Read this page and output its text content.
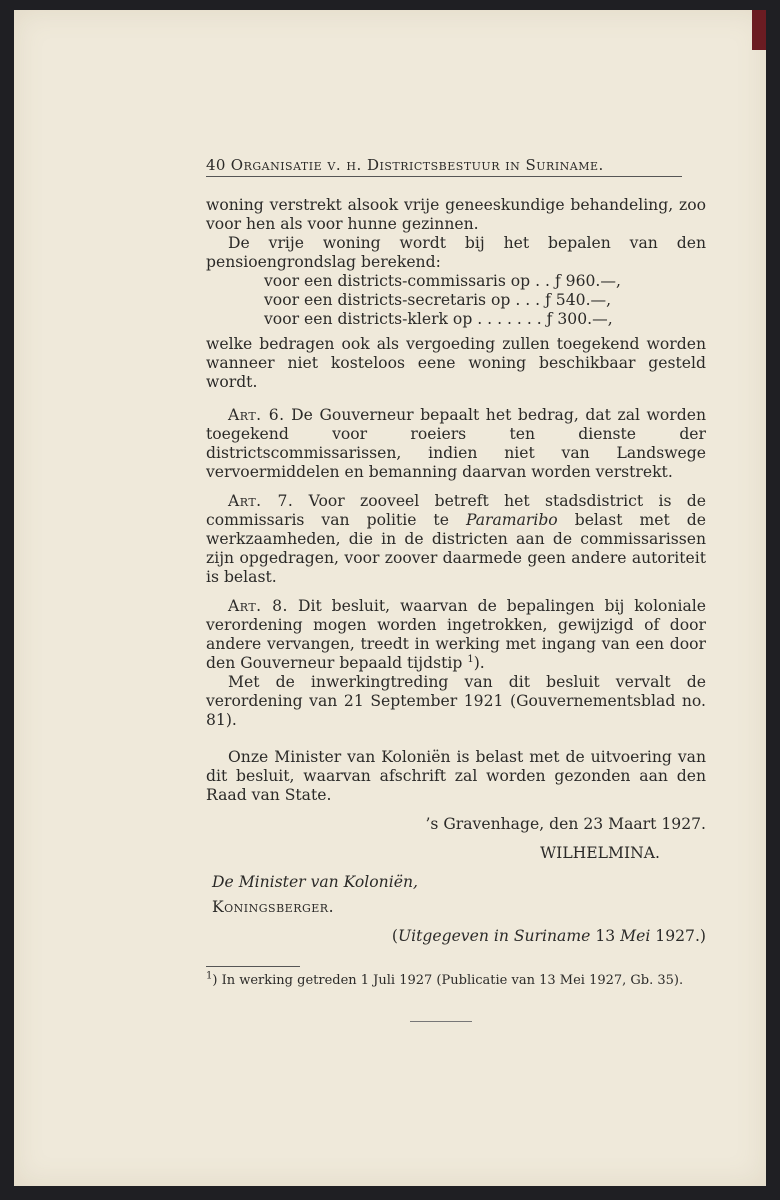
40 Organisatie v. h. Districtsbestuur in Suriname.

woning verstrekt alsook vrije geneeskundige behandeling, zoo voor hen als voor hunne gezinnen.

De vrije woning wordt bij het bepalen van den pensioengrondslag berekend:

voor een districts-commissaris op . . ƒ 960.—,
voor een districts-secretaris op . . . ƒ 540.—,
voor een districts-klerk op . . . . . . . ƒ 300.—,

welke bedragen ook als vergoeding zullen toegekend worden wanneer niet kosteloos eene woning beschikbaar gesteld wordt.

Art. 6. De Gouverneur bepaalt het bedrag, dat zal worden toegekend voor roeiers ten dienste der districtscommissarissen, indien niet van Landswege vervoermiddelen en bemanning daarvan worden verstrekt.

Art. 7. Voor zooveel betreft het stadsdistrict is de commissaris van politie te Paramaribo belast met de werkzaamheden, die in de districten aan de commissarissen zijn opgedragen, voor zoover daarmede geen andere autoriteit is belast.

Art. 8. Dit besluit, waarvan de bepalingen bij koloniale verordening mogen worden ingetrokken, gewijzigd of door andere vervangen, treedt in werking met ingang van een door den Gouverneur bepaald tijdstip $^1$).

Met de inwerkingtreding van dit besluit vervalt de verordening van 21 September 1921 (Gouvernementsblad no. 81).

Onze Minister van Koloniën is belast met de uitvoering van dit besluit, waarvan afschrift zal worden gezonden aan den Raad van State.

’s Gravenhage, den 23 Maart 1927.
WILHELMINA.
De Minister van Koloniën,
Koningsberger.
(Uitgegeven in Suriname 13 Mei 1927.)
$^1$) In werking getreden 1 Juli 1927 (Publicatie van 13 Mei 1927, Gb. 35).
